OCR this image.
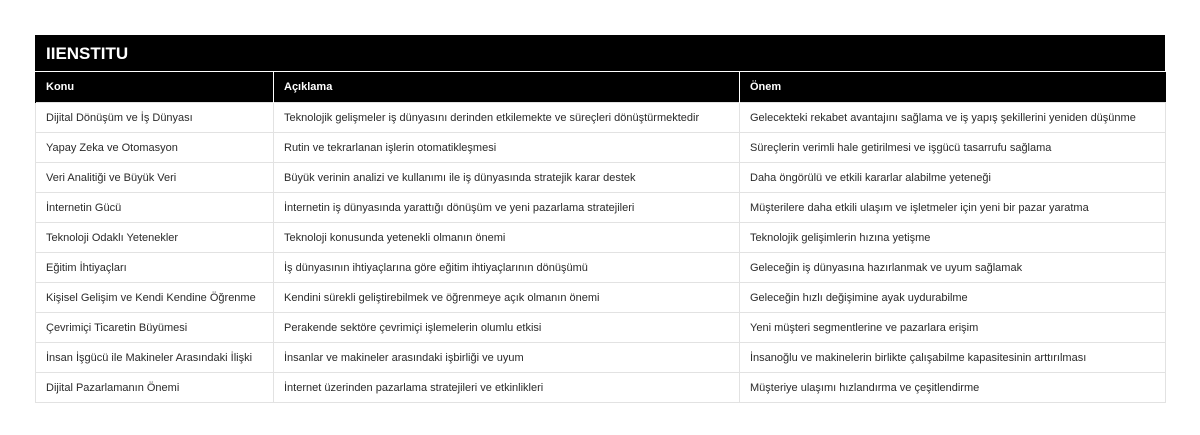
IIENSTITU
Konu	Açıklama	Önem
Dijital Dönüşüm ve İş Dünyası	Teknolojik gelişmeler iş dünyasını derinden etkilemekte ve süreçleri dönüştürmektedir	Gelecekteki rekabet avantajını sağlama ve iş yapış şekillerini yeniden düşünme
Yapay Zeka ve Otomasyon	Rutin ve tekrarlanan işlerin otomatikleşmesi	Süreçlerin verimli hale getirilmesi ve işgücü tasarrufu sağlama
Veri Analitiği ve Büyük Veri	Büyük verinin analizi ve kullanımı ile iş dünyasında stratejik karar destek	Daha öngörülü ve etkili kararlar alabilme yeteneği
İnternetin Gücü	İnternetin iş dünyasında yarattığı dönüşüm ve yeni pazarlama stratejileri	Müşterilere daha etkili ulaşım ve işletmeler için yeni bir pazar yaratma
Teknoloji Odaklı Yetenekler	Teknoloji konusunda yetenekli olmanın önemi	Teknolojik gelişimlerin hızına yetişme
Eğitim İhtiyaçları	İş dünyasının ihtiyaçlarına göre eğitim ihtiyaçlarının dönüşümü	Geleceğin iş dünyasına hazırlanmak ve uyum sağlamak
Kişisel Gelişim ve Kendi Kendine Öğrenme	Kendini sürekli geliştirebilmek ve öğrenmeye açık olmanın önemi	Geleceğin hızlı değişimine ayak uydurabilme
Çevrimiçi Ticaretin Büyümesi	Perakende sektöre çevrimiçi işlemelerin olumlu etkisi	Yeni müşteri segmentlerine ve pazarlara erişim
İnsan İşgücü ile Makineler Arasındaki İlişki	İnsanlar ve makineler arasındaki işbirliği ve uyum	İnsanoğlu ve makinelerin birlikte çalışabilme kapasitesinin arttırılması
Dijital Pazarlamanın Önemi	İnternet üzerinden pazarlama stratejileri ve etkinlikleri	Müşteriye ulaşımı hızlandırma ve çeşitlendirme
